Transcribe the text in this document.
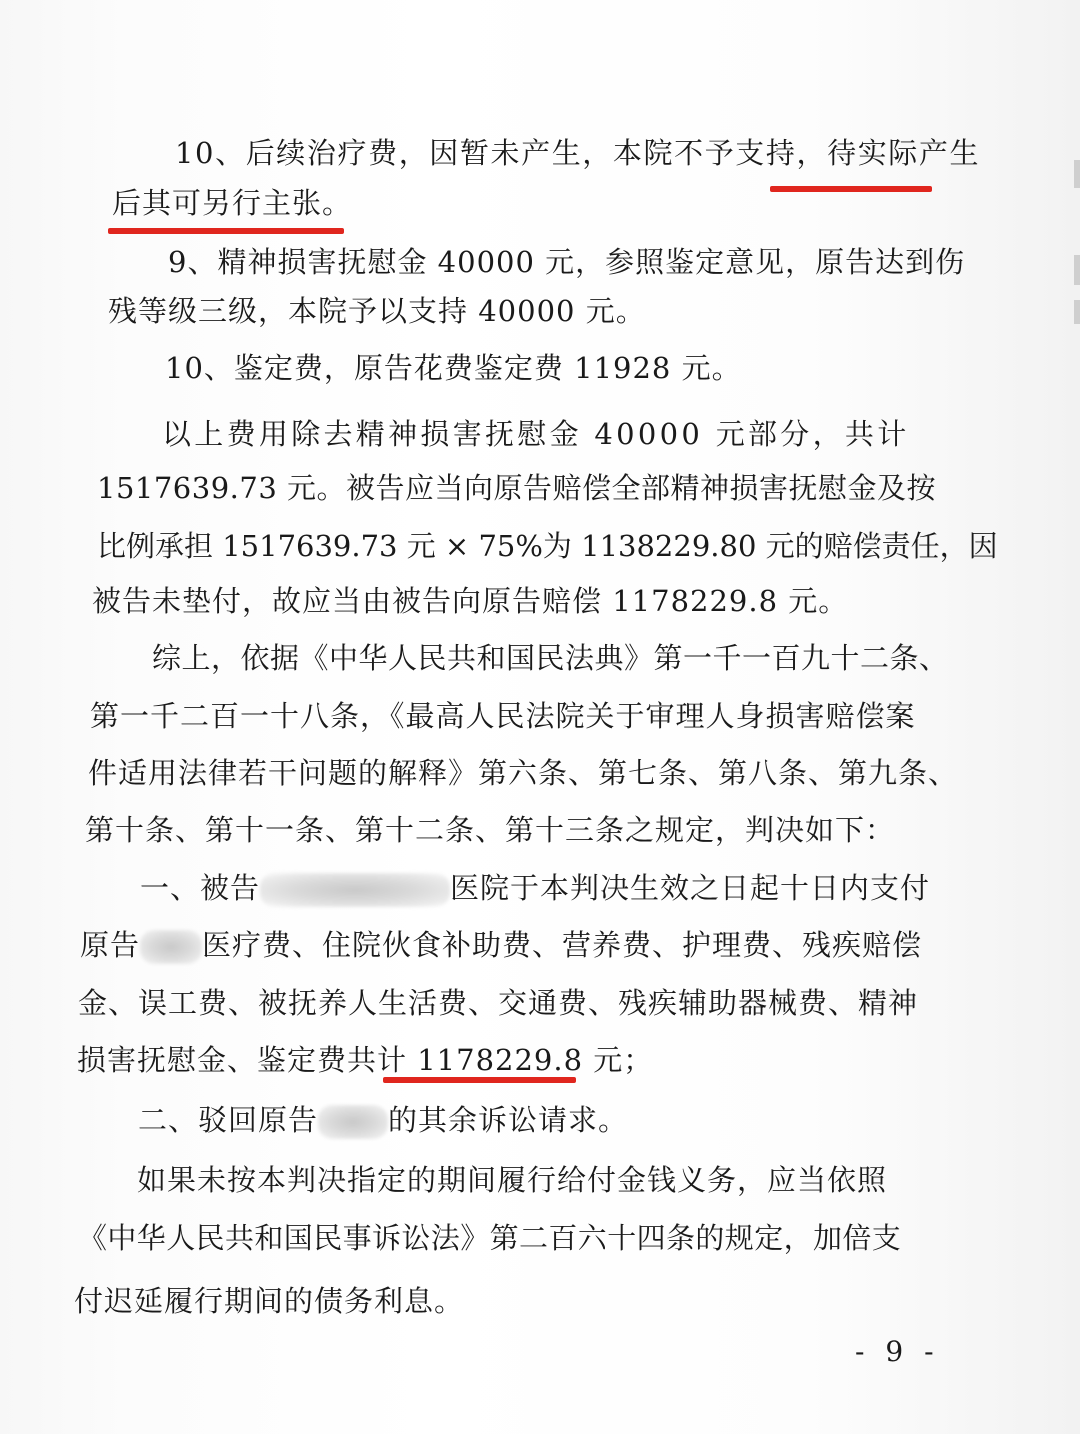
10、后续治疗费，因暂未产生，本院不予支持，待实际产生
后其可另行主张。
9、精神损害抚慰金 40000 元，参照鉴定意见，原告达到伤
残等级三级，本院予以支持 40000 元。
10、鉴定费，原告花费鉴定费 11928 元。
以上费用除去精神损害抚慰金 40000 元部分，共计
1517639.73 元。被告应当向原告赔偿全部精神损害抚慰金及按
比例承担 1517639.73 元 × 75%为 1138229.80 元的赔偿责任，因
被告未垫付，故应当由被告向原告赔偿 1178229.8 元。
综上，依据《中华人民共和国民法典》第一千一百九十二条、
第一千二百一十八条，《最高人民法院关于审理人身损害赔偿案
件适用法律若干问题的解释》第六条、第七条、第八条、第九条、
第十条、第十一条、第十二条、第十三条之规定，判决如下：
一、被告	医院于本判决生效之日起十日内支付
原告 医疗费、住院伙食补助费、营养费、护理费、残疾赔偿
金、误工费、被抚养人生活费、交通费、残疾辅助器械费、精神
损害抚慰金、鉴定费共计 1178229.8 元；
二、驳回原告 的其余诉讼请求。
如果未按本判决指定的期间履行给付金钱义务，应当依照
《中华人民共和国民事诉讼法》第二百六十四条的规定，加倍支
付迟延履行期间的债务利息。
- 9 -
